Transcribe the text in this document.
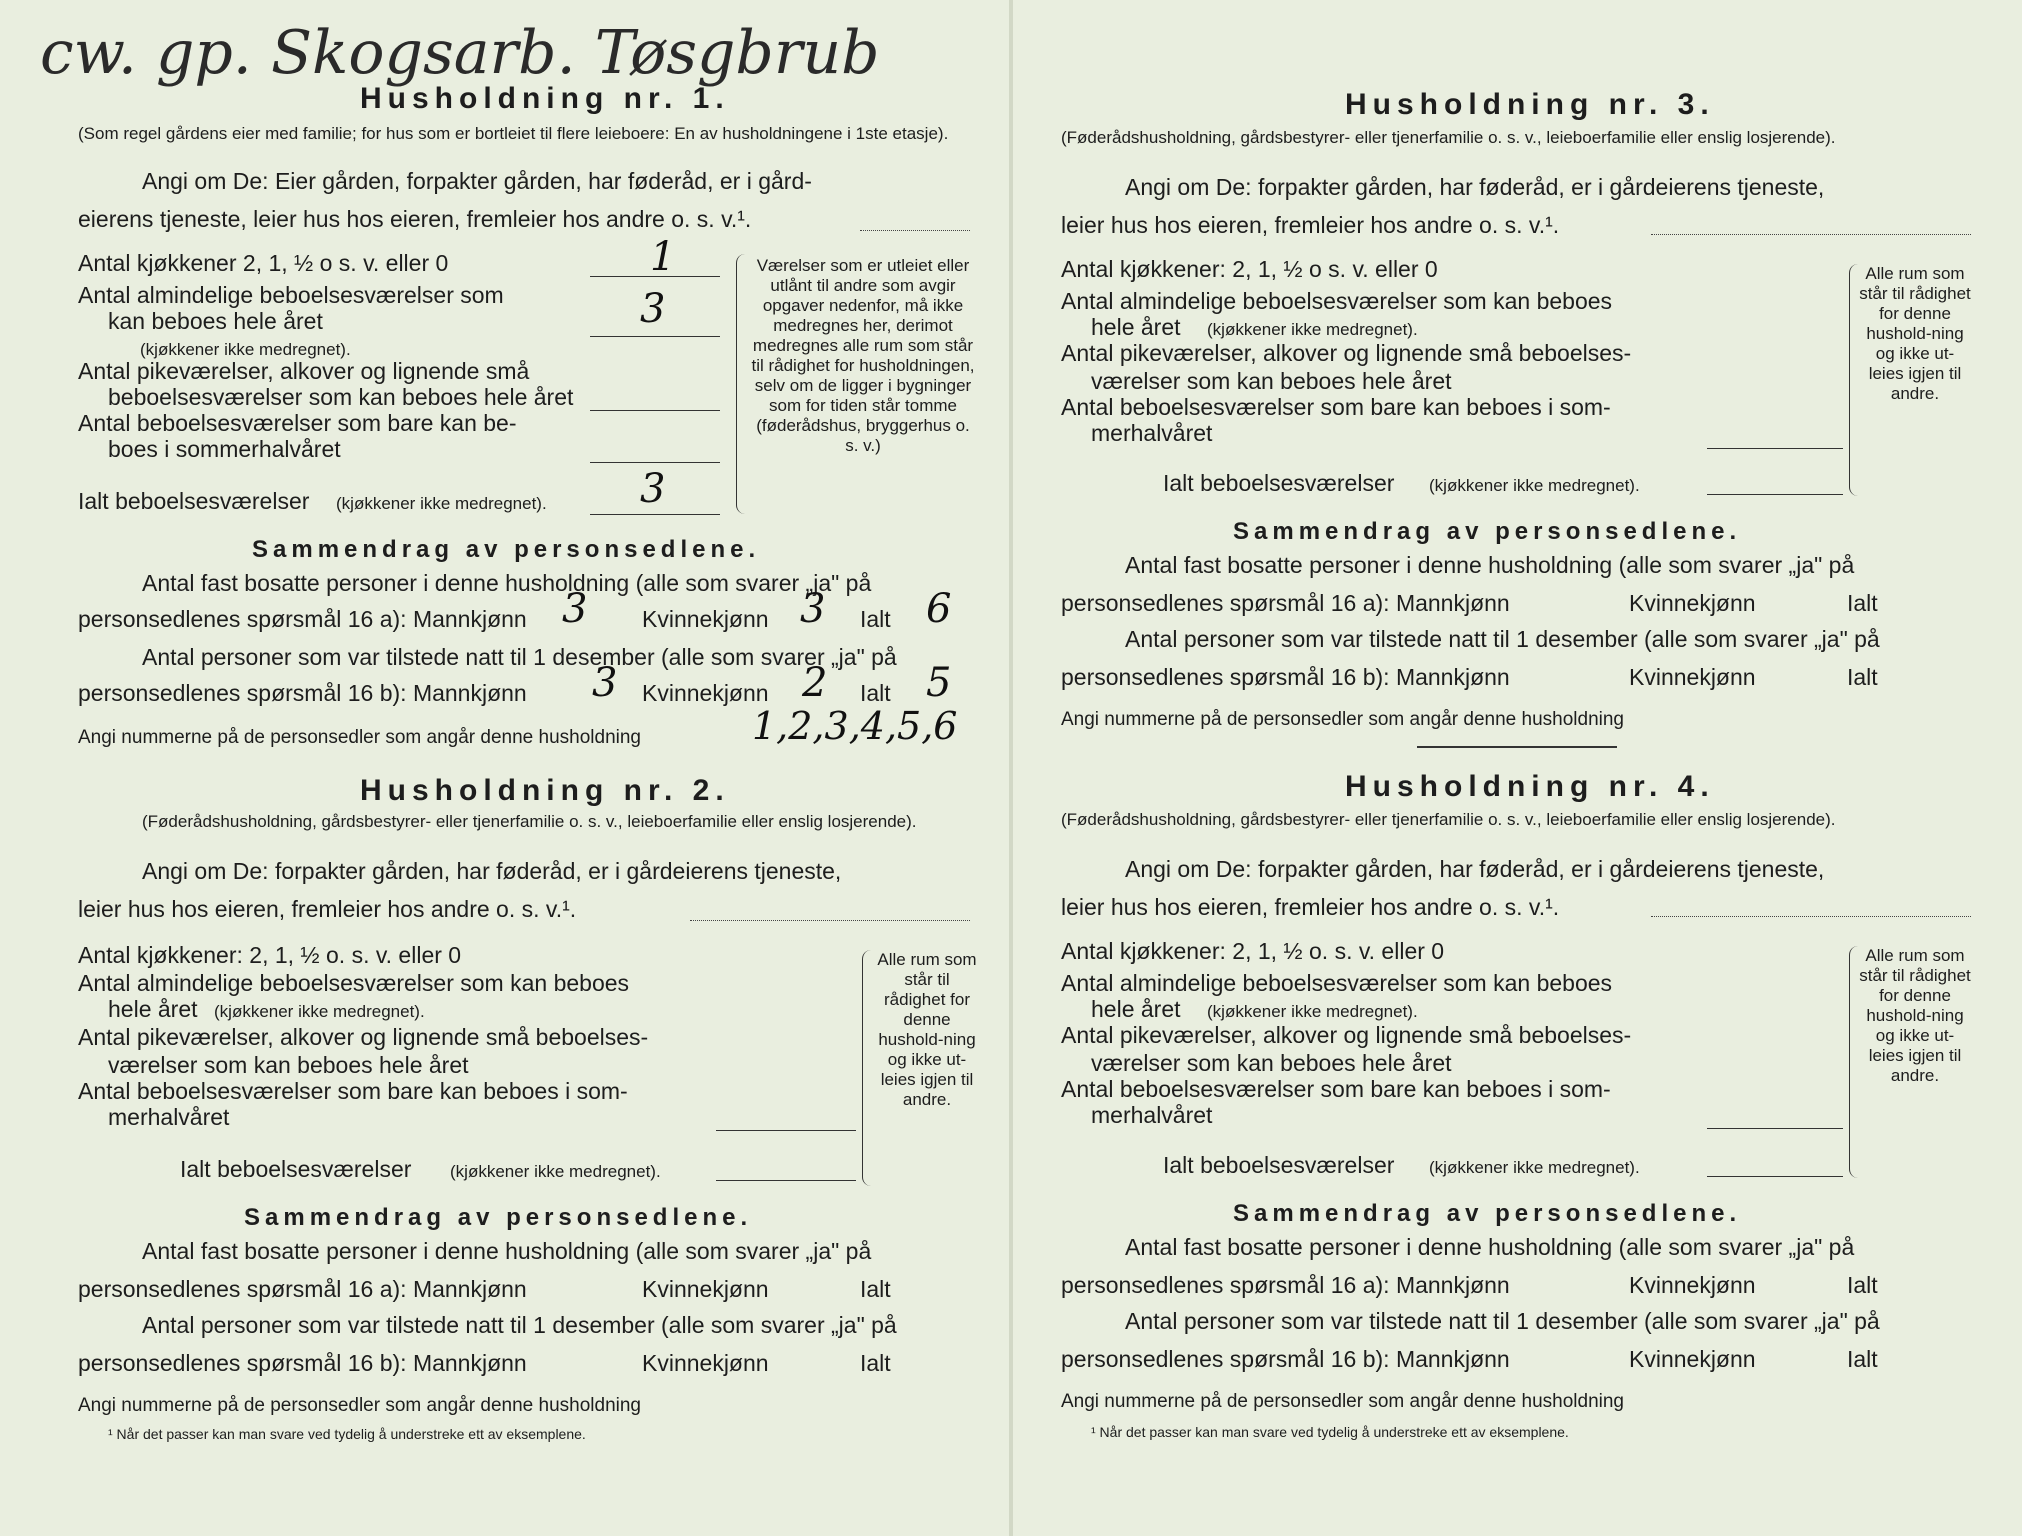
cw. gp. Skogsarb. Tøsgbrub
Husholdning nr. 1.
(Som regel gårdens eier med familie; for hus som er bortleiet til flere leieboere: En av husholdningene i 1ste etasje).
Angi om De: Eier gården, forpakter gården, har føderåd, er i gård-
eierens tjeneste, leier hus hos eieren, fremleier hos andre o. s. v.¹.
Antal kjøkkener 2, 1, ½ o s. v. eller 0	1
Antal almindelige beboelsesværelser som
kan beboes hele året	3
(kjøkkener ikke medregnet).
Antal pikeværelser, alkover og lignende små
beboelsesværelser som kan beboes hele året
Antal beboelsesværelser som bare kan be-
boes i sommerhalvåret
Ialt beboelsesværelser (kjøkkener ikke medregnet). 3
Værelser som er utleiet eller utlånt til andre som avgir opgaver nedenfor, må ikke medregnes her, derimot medregnes alle rum som står til rådighet for husholdningen, selv om de ligger i bygninger som for tiden står tomme (føderådshus, bryggerhus o. s. v.)
Sammendrag av personsedlene.
Antal fast bosatte personer i denne husholdning (alle som svarer „ja" på
personsedlenes spørsmål 16 a): Mannkjønn 3 Kvinnekjønn 3 Ialt 6
Antal personer som var tilstede natt til 1 desember (alle som svarer „ja" på
personsedlenes spørsmål 16 b): Mannkjønn 3 Kvinnekjønn 2 Ialt 5
Angi nummerne på de personsedler som angår denne husholdning	1,2,3,4,5,6
Husholdning nr. 2.
(Føderådshusholdning, gårdsbestyrer- eller tjenerfamilie o. s. v., leieboerfamilie eller enslig losjerende).
Angi om De: forpakter gården, har føderåd, er i gårdeierens tjeneste,
leier hus hos eieren, fremleier hos andre o. s. v.¹.
Antal kjøkkener: 2, 1, ½ o. s. v. eller 0
Antal almindelige beboelsesværelser som kan beboes
hele året (kjøkkener ikke medregnet).
Antal pikeværelser, alkover og lignende små beboelses-
værelser som kan beboes hele året
Antal beboelsesværelser som bare kan beboes i som-
merhalvåret
Ialt beboelsesværelser (kjøkkener ikke medregnet).
Alle rum som står til rådighet for denne hushold-ning og ikke ut-leies igjen til andre.
Sammendrag av personsedlene.
Antal fast bosatte personer i denne husholdning (alle som svarer „ja" på
personsedlenes spørsmål 16 a): Mannkjønn	Kvinnekjønn	Ialt
Antal personer som var tilstede natt til 1 desember (alle som svarer „ja" på
personsedlenes spørsmål 16 b): Mannkjønn	Kvinnekjønn	Ialt
Angi nummerne på de personsedler som angår denne husholdning
¹ Når det passer kan man svare ved tydelig å understreke ett av eksemplene.
Husholdning nr. 3.
(Føderådshusholdning, gårdsbestyrer- eller tjenerfamilie o. s. v., leieboerfamilie eller enslig losjerende).
Angi om De: forpakter gården, har føderåd, er i gårdeierens tjeneste,
leier hus hos eieren, fremleier hos andre o. s. v.¹.
Antal kjøkkener: 2, 1, ½ o s. v. eller 0
Antal almindelige beboelsesværelser som kan beboes
hele året (kjøkkener ikke medregnet).
Antal pikeværelser, alkover og lignende små beboelses-
værelser som kan beboes hele året
Antal beboelsesværelser som bare kan beboes i som-
merhalvåret
Ialt beboelsesværelser (kjøkkener ikke medregnet).
Alle rum som står til rådighet for denne hushold-ning og ikke ut-leies igjen til andre.
Sammendrag av personsedlene.
Antal fast bosatte personer i denne husholdning (alle som svarer „ja" på
personsedlenes spørsmål 16 a): Mannkjønn	Kvinnekjønn	Ialt
Antal personer som var tilstede natt til 1 desember (alle som svarer „ja" på
personsedlenes spørsmål 16 b): Mannkjønn	Kvinnekjønn	Ialt
Angi nummerne på de personsedler som angår denne husholdning
Husholdning nr. 4.
(Føderådshusholdning, gårdsbestyrer- eller tjenerfamilie o. s. v., leieboerfamilie eller enslig losjerende).
Angi om De: forpakter gården, har føderåd, er i gårdeierens tjeneste,
leier hus hos eieren, fremleier hos andre o. s. v.¹.
Antal kjøkkener: 2, 1, ½ o. s. v. eller 0
Antal almindelige beboelsesværelser som kan beboes
hele året (kjøkkener ikke medregnet).
Antal pikeværelser, alkover og lignende små beboelses-
værelser som kan beboes hele året
Antal beboelsesværelser som bare kan beboes i som-
merhalvåret
Ialt beboelsesværelser (kjøkkener ikke medregnet).
Alle rum som står til rådighet for denne hushold-ning og ikke ut-leies igjen til andre.
Sammendrag av personsedlene.
Antal fast bosatte personer i denne husholdning (alle som svarer „ja" på
personsedlenes spørsmål 16 a): Mannkjønn	Kvinnekjønn	Ialt
Antal personer som var tilstede natt til 1 desember (alle som svarer „ja" på
personsedlenes spørsmål 16 b): Mannkjønn	Kvinnekjønn	Ialt
Angi nummerne på de personsedler som angår denne husholdning
¹ Når det passer kan man svare ved tydelig å understreke ett av eksemplene.
